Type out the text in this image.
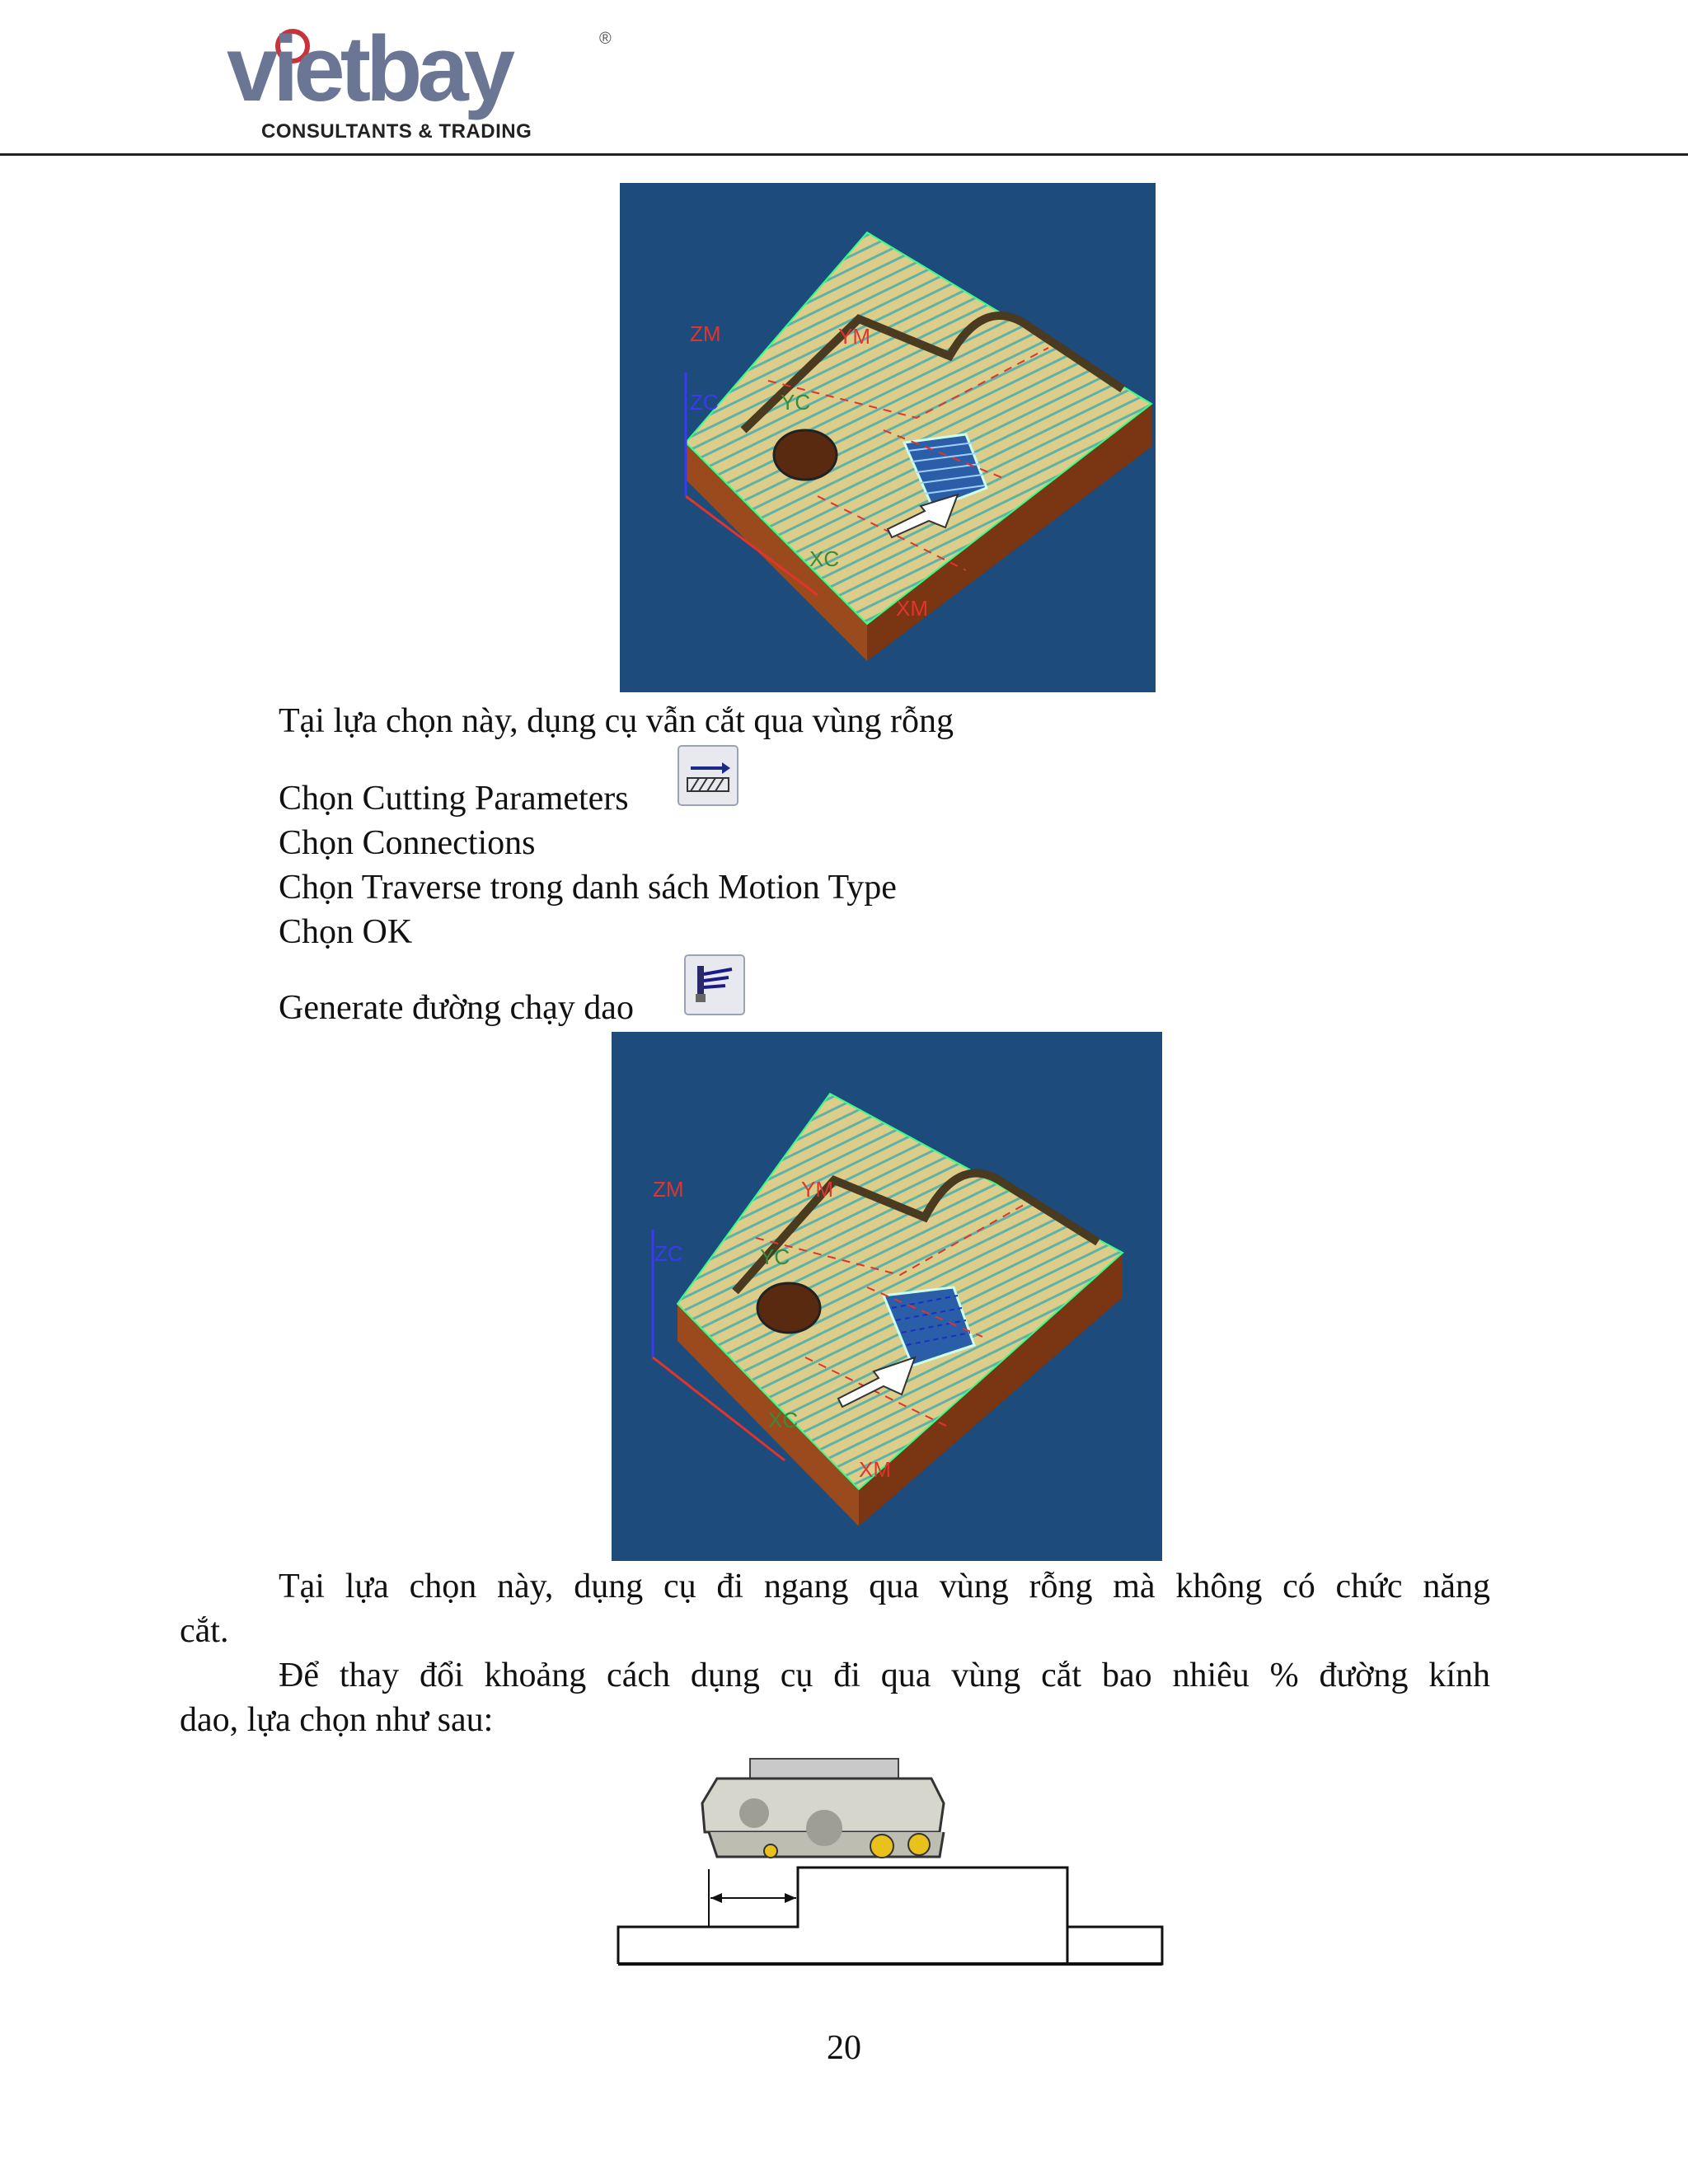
vietbay	®
CONSULTANTS & TRADING
ZM	YM
ZC	YC
XC
XM
Tại lựa chọn này, dụng cụ vẫn cắt qua vùng rỗng
Chọn Cutting Parameters
Chọn Connections
Chọn Traverse trong danh sách Motion Type
Chọn OK
Generate đường chạy dao
ZM	YM
ZC	YC
XC
XM
Tại lựa chọn này, dụng cụ đi ngang qua vùng rỗng mà không có chức năng
cắt.
Để thay đổi khoảng cách dụng cụ đi qua vùng cắt bao nhiêu % đường kính
dao, lựa chọn như sau:
20
